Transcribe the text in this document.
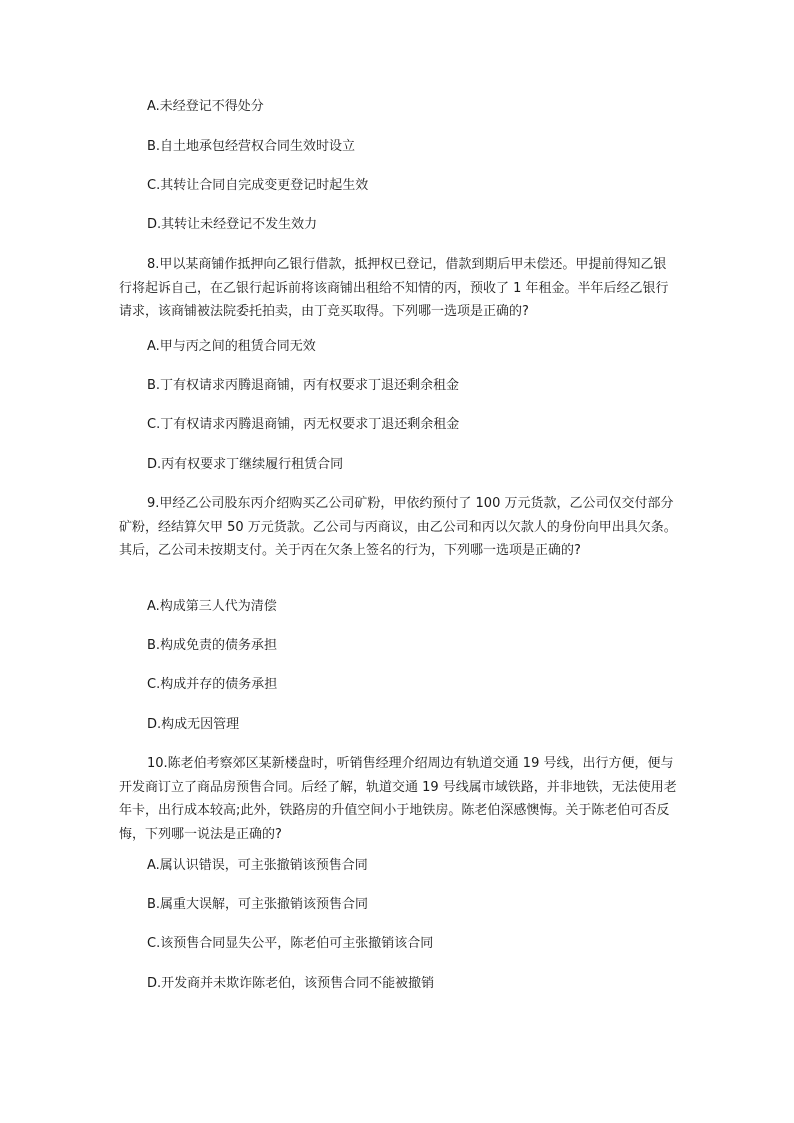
A.未经登记不得处分
B.自土地承包经营权合同生效时设立
C.其转让合同自完成变更登记时起生效
D.其转让未经登记不发生效力

8.甲以某商铺作抵押向乙银行借款，抵押权已登记，借款到期后甲未偿还。甲提前得知乙银行将起诉自己，在乙银行起诉前将该商铺出租给不知情的丙，预收了 1 年租金。半年后经乙银行请求，该商铺被法院委托拍卖，由丁竞买取得。下列哪一选项是正确的?

A.甲与丙之间的租赁合同无效
B.丁有权请求丙腾退商铺，丙有权要求丁退还剩余租金
C.丁有权请求丙腾退商铺，丙无权要求丁退还剩余租金
D.丙有权要求丁继续履行租赁合同

9.甲经乙公司股东丙介绍购买乙公司矿粉，甲依约预付了 100 万元货款，乙公司仅交付部分矿粉，经结算欠甲 50 万元货款。乙公司与丙商议，由乙公司和丙以欠款人的身份向甲出具欠条。其后，乙公司未按期支付。关于丙在欠条上签名的行为，下列哪一选项是正确的?

A.构成第三人代为清偿
B.构成免责的债务承担
C.构成并存的债务承担
D.构成无因管理

10.陈老伯考察郊区某新楼盘时，听销售经理介绍周边有轨道交通 19 号线，出行方便，便与开发商订立了商品房预售合同。后经了解，轨道交通 19 号线属市域铁路，并非地铁，无法使用老年卡，出行成本较高;此外，铁路房的升值空间小于地铁房。陈老伯深感懊悔。关于陈老伯可否反悔，下列哪一说法是正确的?

A.属认识错误，可主张撤销该预售合同
B.属重大误解，可主张撤销该预售合同
C.该预售合同显失公平，陈老伯可主张撤销该合同
D.开发商并未欺诈陈老伯，该预售合同不能被撤销
